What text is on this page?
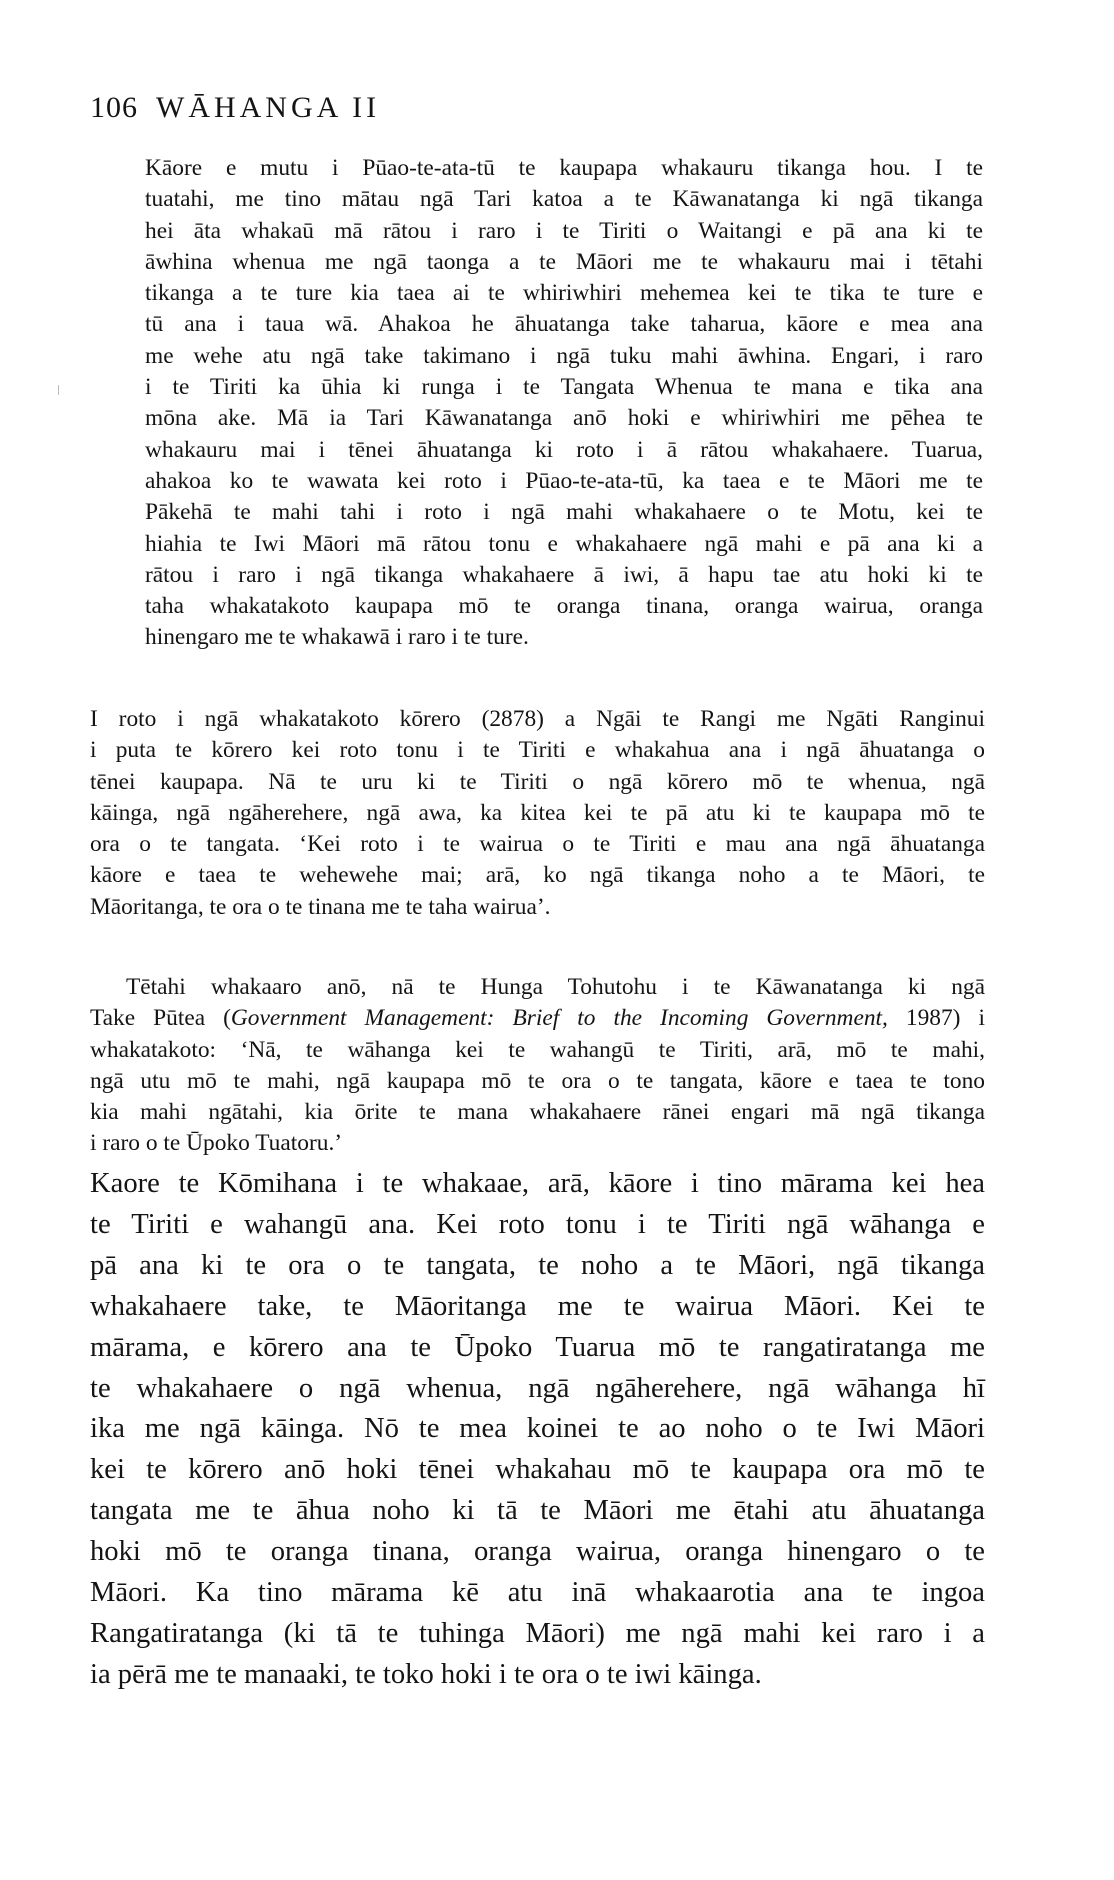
106 WĀHANGA II
Kāore e mutu i Pūao-te-ata-tū te kaupapa whakauru tikanga hou. I te
tuatahi, me tino mātau ngā Tari katoa a te Kāwanatanga ki ngā tikanga
hei āta whakaū mā rātou i raro i te Tiriti o Waitangi e pā ana ki te
āwhina whenua me ngā taonga a te Māori me te whakauru mai i tētahi
tikanga a te ture kia taea ai te whiriwhiri mehemea kei te tika te ture e
tū ana i taua wā. Ahakoa he āhuatanga take taharua, kāore e mea ana
me wehe atu ngā take takimano i ngā tuku mahi āwhina. Engari, i raro
i te Tiriti ka ūhia ki runga i te Tangata Whenua te mana e tika ana
mōna ake. Mā ia Tari Kāwanatanga anō hoki e whiriwhiri me pēhea te
whakauru mai i tēnei āhuatanga ki roto i ā rātou whakahaere. Tuarua,
ahakoa ko te wawata kei roto i Pūao-te-ata-tū, ka taea e te Māori me te
Pākehā te mahi tahi i roto i ngā mahi whakahaere o te Motu, kei te
hiahia te Iwi Māori mā rātou tonu e whakahaere ngā mahi e pā ana ki a
rātou i raro i ngā tikanga whakahaere ā iwi, ā hapu tae atu hoki ki te
taha whakatakoto kaupapa mō te oranga tinana, oranga wairua, oranga
hinengaro me te whakawā i raro i te ture.
I roto i ngā whakatakoto kōrero (2878) a Ngāi te Rangi me Ngāti Ranginui
i puta te kōrero kei roto tonu i te Tiriti e whakahua ana i ngā āhuatanga o
tēnei kaupapa. Nā te uru ki te Tiriti o ngā kōrero mō te whenua, ngā
kāinga, ngā ngāherehere, ngā awa, ka kitea kei te pā atu ki te kaupapa mō te
ora o te tangata. ‘Kei roto i te wairua o te Tiriti e mau ana ngā āhuatanga
kāore e taea te wehewehe mai; arā, ko ngā tikanga noho a te Māori, te
Māoritanga, te ora o te tinana me te taha wairua’.
Tētahi whakaaro anō, nā te Hunga Tohutohu i te Kāwanatanga ki ngā
Take Pūtea (Government Management: Brief to the Incoming Government, 1987) i
whakatakoto: ‘Nā, te wāhanga kei te wahangū te Tiriti, arā, mō te mahi,
ngā utu mō te mahi, ngā kaupapa mō te ora o te tangata, kāore e taea te tono
kia mahi ngātahi, kia ōrite te mana whakahaere rānei engari mā ngā tikanga
i raro o te Ūpoko Tuatoru.’
Kaore te Kōmihana i te whakaae, arā, kāore i tino mārama kei hea
te Tiriti e wahangū ana. Kei roto tonu i te Tiriti ngā wāhanga e
pā ana ki te ora o te tangata, te noho a te Māori, ngā tikanga
whakahaere take, te Māoritanga me te wairua Māori. Kei te
mārama, e kōrero ana te Ūpoko Tuarua mō te rangatiratanga me
te whakahaere o ngā whenua, ngā ngāherehere, ngā wāhanga hī
ika me ngā kāinga. Nō te mea koinei te ao noho o te Iwi Māori
kei te kōrero anō hoki tēnei whakahau mō te kaupapa ora mō te
tangata me te āhua noho ki tā te Māori me ētahi atu āhuatanga
hoki mō te oranga tinana, oranga wairua, oranga hinengaro o te
Māori. Ka tino mārama kē atu inā whakaarotia ana te ingoa
Rangatiratanga (ki tā te tuhinga Māori) me ngā mahi kei raro i a
ia pērā me te manaaki, te toko hoki i te ora o te iwi kāinga.
